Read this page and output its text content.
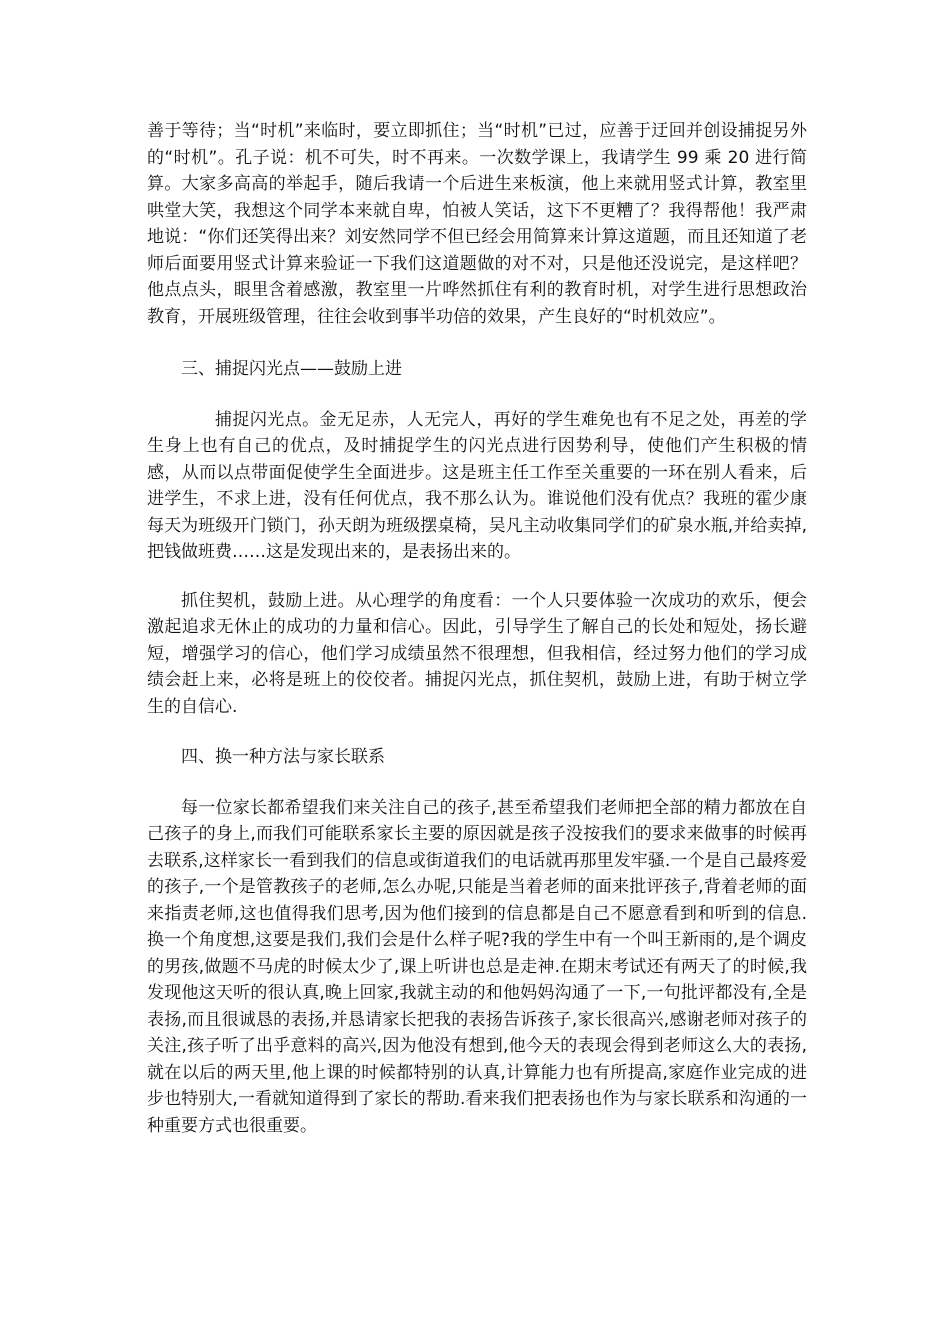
善于等待；当“时机”来临时，要立即抓住；当“时机”已过，应善于迂回并创设捕捉另外的“时机”。孔子说：机不可失，时不再来。一次数学课上，我请学生 99 乘 20 进行简算。大家多高高的举起手，随后我请一个后进生来板演，他上来就用竖式计算，教室里哄堂大笑，我想这个同学本来就自卑，怕被人笑话，这下不更糟了？我得帮他！我严肃地说：“你们还笑得出来？刘安然同学不但已经会用简算来计算这道题，而且还知道了老师后面要用竖式计算来验证一下我们这道题做的对不对，只是他还没说完，是这样吧？他点点头，眼里含着感激，教室里一片哗然抓住有利的教育时机，对学生进行思想政治教育，开展班级管理，往往会收到事半功倍的效果，产生良好的“时机效应”。

三、捕捉闪光点——鼓励上进

捕捉闪光点。金无足赤，人无完人，再好的学生难免也有不足之处，再差的学生身上也有自己的优点，及时捕捉学生的闪光点进行因势利导，使他们产生积极的情感，从而以点带面促使学生全面进步。这是班主任工作至关重要的一环在别人看来，后进学生，不求上进，没有任何优点，我不那么认为。谁说他们没有优点？我班的霍少康每天为班级开门锁门，孙天朗为班级摆桌椅，吴凡主动收集同学们的矿泉水瓶,并给卖掉,把钱做班费……这是发现出来的，是表扬出来的。

抓住契机，鼓励上进。从心理学的角度看：一个人只要体验一次成功的欢乐，便会激起追求无休止的成功的力量和信心。因此，引导学生了解自己的长处和短处，扬长避短，增强学习的信心，他们学习成绩虽然不很理想，但我相信，经过努力他们的学习成绩会赶上来，必将是班上的佼佼者。捕捉闪光点，抓住契机，鼓励上进，有助于树立学生的自信心.

四、换一种方法与家长联系

每一位家长都希望我们来关注自己的孩子,甚至希望我们老师把全部的精力都放在自己孩子的身上,而我们可能联系家长主要的原因就是孩子没按我们的要求来做事的时候再去联系,这样家长一看到我们的信息或街道我们的电话就再那里发牢骚.一个是自己最疼爱的孩子,一个是管教孩子的老师,怎么办呢,只能是当着老师的面来批评孩子,背着老师的面来指责老师,这也值得我们思考,因为他们接到的信息都是自己不愿意看到和听到的信息.换一个角度想,这要是我们,我们会是什么样子呢?我的学生中有一个叫王新雨的,是个调皮的男孩,做题不马虎的时候太少了,课上听讲也总是走神.在期末考试还有两天了的时候,我发现他这天听的很认真,晚上回家,我就主动的和他妈妈沟通了一下,一句批评都没有,全是表扬,而且很诚恳的表扬,并恳请家长把我的表扬告诉孩子,家长很高兴,感谢老师对孩子的关注,孩子听了出乎意料的高兴,因为他没有想到,他今天的表现会得到老师这么大的表扬,就在以后的两天里,他上课的时候都特别的认真,计算能力也有所提高,家庭作业完成的进步也特别大,一看就知道得到了家长的帮助.看来我们把表扬也作为与家长联系和沟通的一种重要方式也很重要。
